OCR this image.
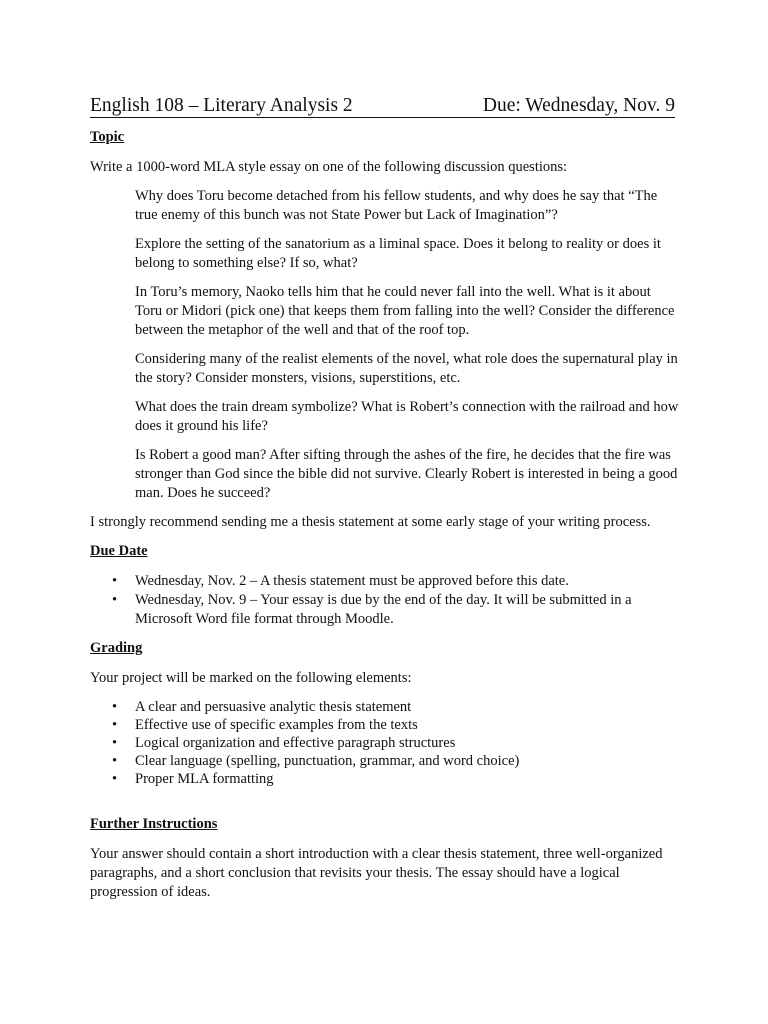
English 108 – Literary Analysis 2	Due: Wednesday, Nov. 9
Topic

Write a 1000-word MLA style essay on one of the following discussion questions:

Why does Toru become detached from his fellow students, and why does he say that “The true enemy of this bunch was not State Power but Lack of Imagination”?
Explore the setting of the sanatorium as a liminal space. Does it belong to reality or does it belong to something else? If so, what?
In Toru’s memory, Naoko tells him that he could never fall into the well. What is it about Toru or Midori (pick one) that keeps them from falling into the well? Consider the difference between the metaphor of the well and that of the roof top.
Considering many of the realist elements of the novel, what role does the supernatural play in the story? Consider monsters, visions, superstitions, etc.
What does the train dream symbolize? What is Robert’s connection with the railroad and how does it ground his life?
Is Robert a good man? After sifting through the ashes of the fire, he decides that the fire was stronger than God since the bible did not survive. Clearly Robert is interested in being a good man. Does he succeed?

I strongly recommend sending me a thesis statement at some early stage of your writing process.

Due Date
• Wednesday, Nov. 2 – A thesis statement must be approved before this date.
• Wednesday, Nov. 9 – Your essay is due by the end of the day. It will be submitted in a Microsoft Word file format through Moodle.
Grading

Your project will be marked on the following elements:

• A clear and persuasive analytic thesis statement
• Effective use of specific examples from the texts
• Logical organization and effective paragraph structures
• Clear language (spelling, punctuation, grammar, and word choice)
• Proper MLA formatting
Further Instructions

Your answer should contain a short introduction with a clear thesis statement, three well-organized paragraphs, and a short conclusion that revisits your thesis. The essay should have a logical progression of ideas.
